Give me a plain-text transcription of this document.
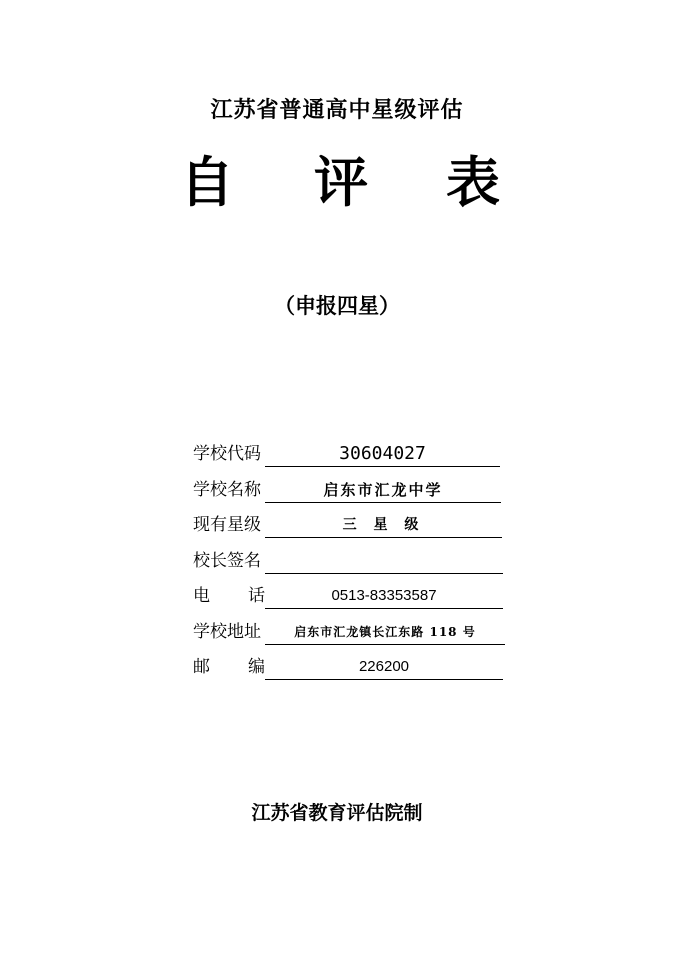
江苏省普通高中星级评估
自 评 表
（申报四星）
学校代码	30604027
学校名称	启东市汇龙中学
现有星级	三 星 级
校长签名
电 话	0513-83353587
学校地址	启东市汇龙镇长江东路 118 号
邮 编	226200
江苏省教育评估院制
